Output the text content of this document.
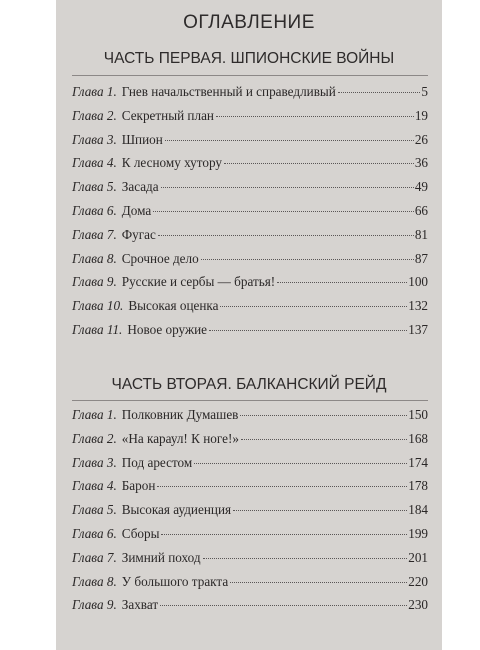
ОГЛАВЛЕНИЕ
ЧАСТЬ ПЕРВАЯ. ШПИОНСКИЕ ВОЙНЫ
Глава 1. Гнев начальственный и справедливый	5
Глава 2. Секретный план	19
Глава 3. Шпион	26
Глава 4. К лесному хутору	36
Глава 5. Засада	49
Глава 6. Дома	66
Глава 7. Фугас	81
Глава 8. Срочное дело	87
Глава 9. Русские и сербы — братья!	100
Глава 10. Высокая оценка	132
Глава 11. Новое оружие	137
ЧАСТЬ ВТОРАЯ. БАЛКАНСКИЙ РЕЙД
Глава 1. Полковник Думашев	150
Глава 2. «На караул! К ноге!»	168
Глава 3. Под арестом	174
Глава 4. Барон	178
Глава 5. Высокая аудиенция	184
Глава 6. Сборы	199
Глава 7. Зимний поход	201
Глава 8. У большого тракта	220
Глава 9. Захват	230
